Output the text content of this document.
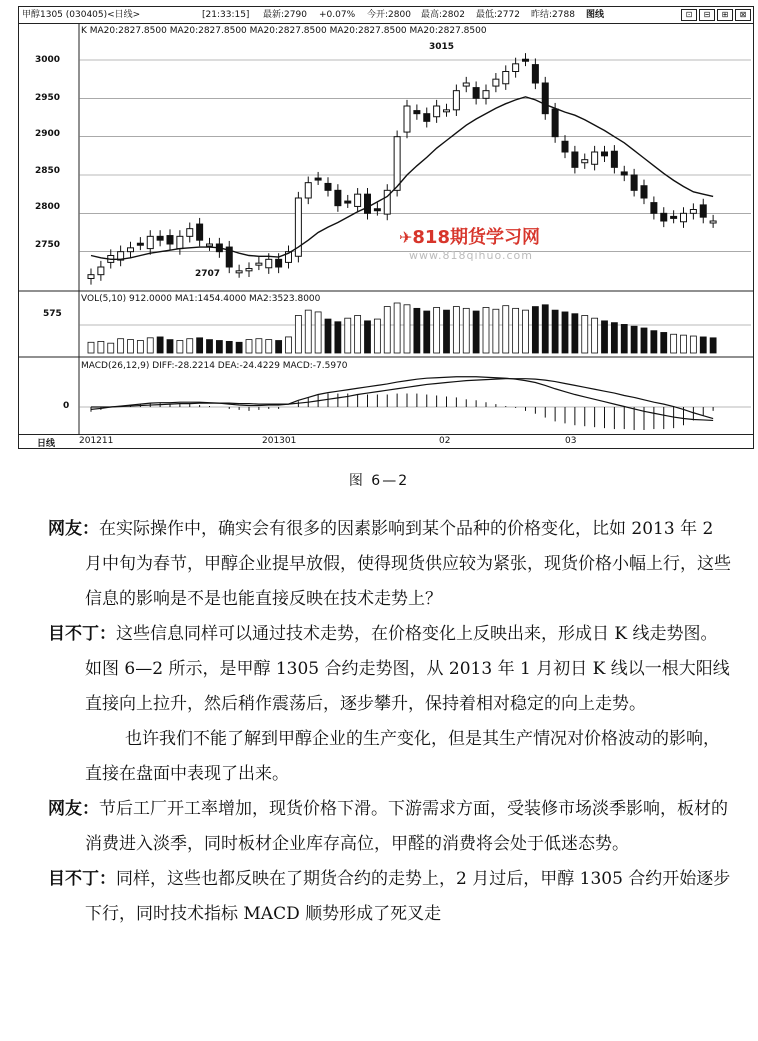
甲醇1305 (030405)<日线>	[21:33:15] 最新:2790 +0.07% 今开:2800 最高:2802 最低:2772 昨结:2788 图线	⊡	⊟	⊞	⊠
K MA20:2827.8500 MA20:2827.8500 MA20:2827.8500 MA20:2827.8500 MA20:2827.8500
3000
2950
2900
2850
2800
2750
3015
2707
VOL(5,10) 912.0000 MA1:1454.4000 MA2:3523.8000
575
MACD(26,12,9) DIFF:-28.2214 DEA:-24.4229 MACD:-7.5970
0
✈818期货学习网
www.818qihuo.com
日线	201211	201301	02	03
图 6—2

网友：在实际操作中，确实会有很多的因素影响到某个品种的价格变化，比如 2013 年 2 月中旬为春节，甲醇企业提早放假，使得现货供应较为紧张，现货价格小幅上行，这些信息的影响是不是也能直接反映在技术走势上？

目不丁：这些信息同样可以通过技术走势，在价格变化上反映出来，形成日 K 线走势图。如图 6—2 所示，是甲醇 1305 合约走势图，从 2013 年 1 月初日 K 线以一根大阳线直接向上拉升，然后稍作震荡后，逐步攀升，保持着相对稳定的向上走势。

也许我们不能了解到甲醇企业的生产变化，但是其生产情况对价格波动的影响，直接在盘面中表现了出来。

网友：节后工厂开工率增加，现货价格下滑。下游需求方面，受装修市场淡季影响，板材的消费进入淡季，同时板材企业库存高位，甲醛的消费将会处于低迷态势。

目不丁：同样，这些也都反映在了期货合约的走势上，2 月过后，甲醇 1305 合约开始逐步下行，同时技术指标 MACD 顺势形成了死叉走
